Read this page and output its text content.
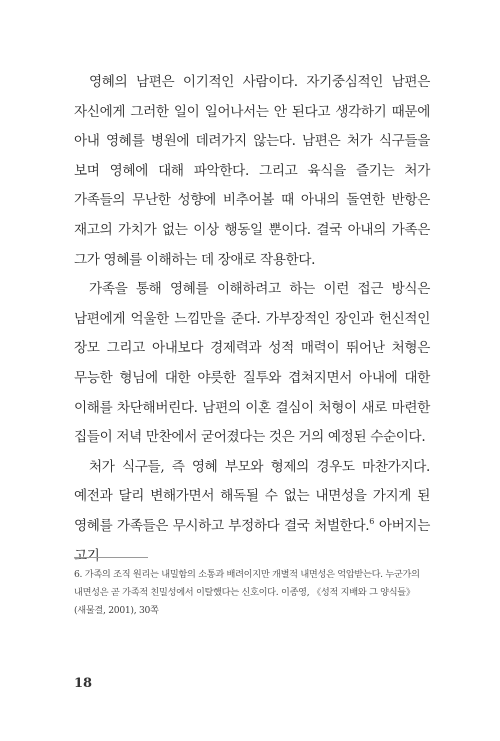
영혜의 남편은 이기적인 사람이다. 자기중심적인 남편은 자신에게 그러한 일이 일어나서는 안 된다고 생각하기 때문에 아내 영혜를 병원에 데려가지 않는다. 남편은 처가 식구들을 보며 영혜에 대해 파악한다. 그리고 육식을 즐기는 처가 가족들의 무난한 성향에 비추어볼 때 아내의 돌연한 반항은 재고의 가치가 없는 이상 행동일 뿐이다. 결국 아내의 가족은 그가 영혜를 이해하는 데 장애로 작용한다.

가족을 통해 영혜를 이해하려고 하는 이런 접근 방식은 남편에게 억울한 느낌만을 준다. 가부장적인 장인과 헌신적인 장모 그리고 아내보다 경제력과 성적 매력이 뛰어난 처형은 무능한 형님에 대한 야릇한 질투와 겹쳐지면서 아내에 대한 이해를 차단해버린다. 남편의 이혼 결심이 처형이 새로 마련한 집들이 저녁 만찬에서 굳어졌다는 것은 거의 예정된 수순이다.

처가 식구들, 즉 영혜 부모와 형제의 경우도 마찬가지다. 예전과 달리 변해가면서 해독될 수 없는 내면성을 가지게 된 영혜를 가족들은 무시하고 부정하다 결국 처벌한다.$^6$ 아버지는 고기

6. 가족의 조직 원리는 내밀함의 소통과 배려이지만 개별적 내면성은 억압받는다. 누군가의 내면성은 곧 가족적 친밀성에서 이탈했다는 신호이다. 이종영, 《성적 지배와 그 양식들》(새물결, 2001), 30쪽
18
